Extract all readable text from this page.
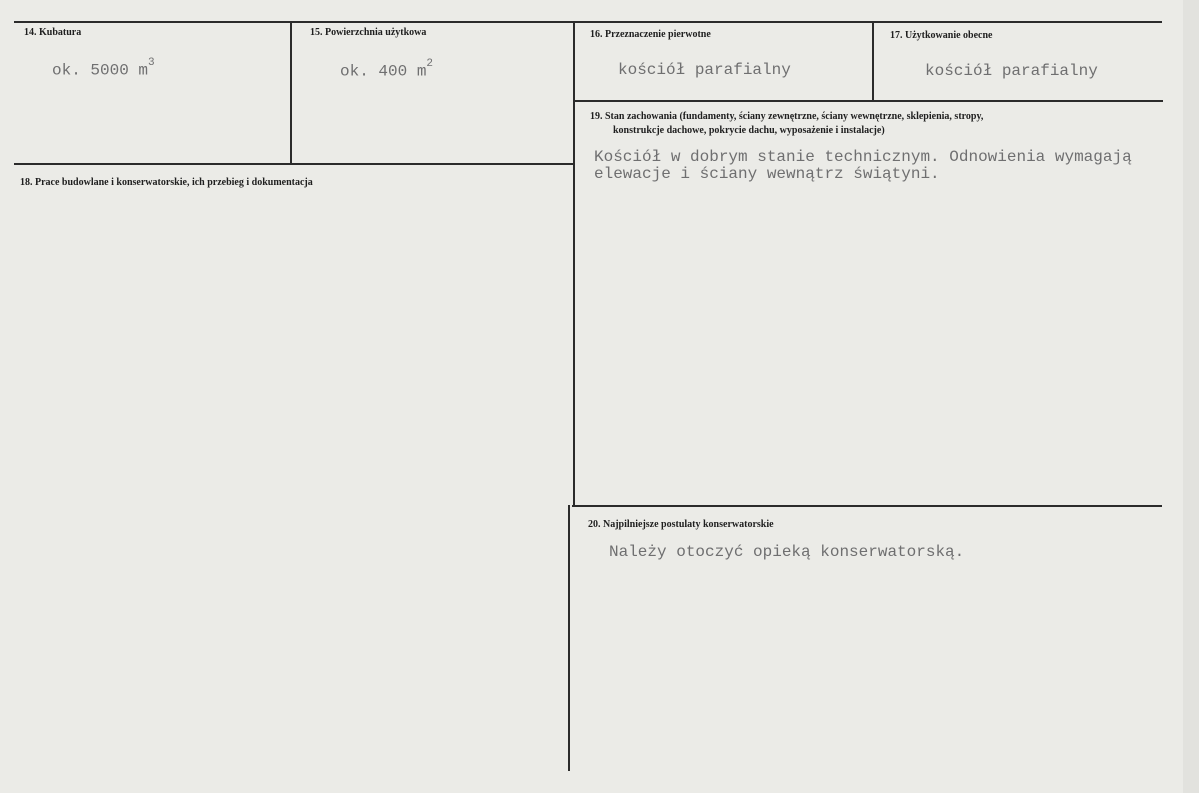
14. Kubatura
ok. 5000 $m^3$
15. Powierzchnia użytkowa
ok. 400 $m^2$
16. Przeznaczenie pierwotne
kościół parafialny
17. Użytkowanie obecne
kościół parafialny
18. Prace budowlane i konserwatorskie, ich przebieg i dokumentacja
19. Stan zachowania (fundamenty, ściany zewnętrzne, ściany wewnętrzne, sklepienia, stropy,
konstrukcje dachowe, pokrycie dachu, wyposażenie i instalacje)
Kościół w dobrym stanie technicznym. Odnowienia wymagają
elewacje i ściany wewnątrz świątyni.
20. Najpilniejsze postulaty konserwatorskie
Należy otoczyć opieką konserwatorską.
